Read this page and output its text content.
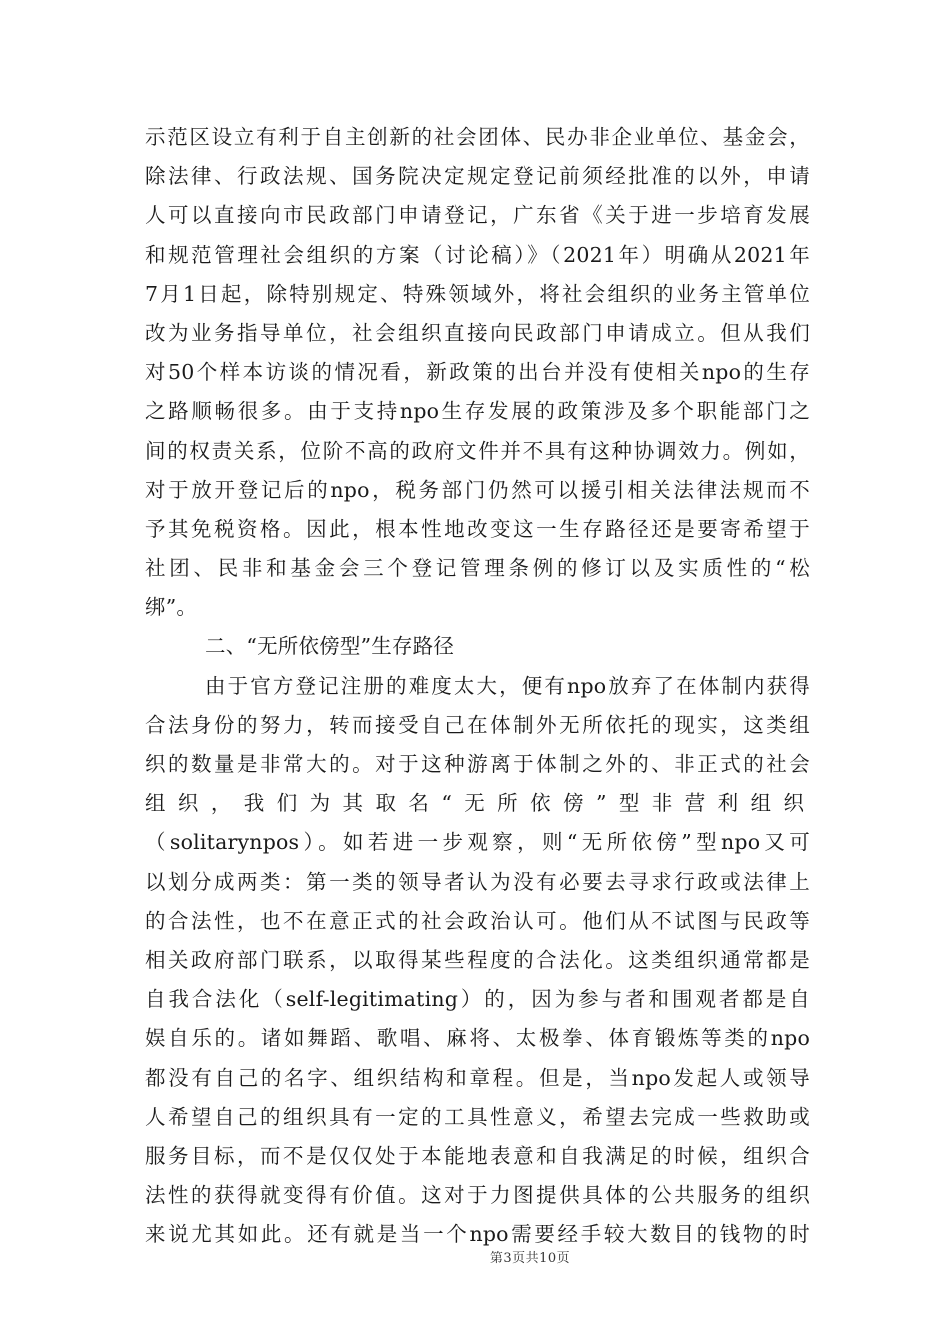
示范区设立有利于自主创新的社会团体、民办非企业单位、基金会，
除法律、行政法规、国务院决定规定登记前须经批准的以外，申请
人可以直接向市民政部门申请登记，广东省《关于进一步培育发展
和规范管理社会组织的方案（讨论稿）》（2021年）明确从2021年
7月1日起，除特别规定、特殊领域外，将社会组织的业务主管单位
改为业务指导单位，社会组织直接向民政部门申请成立。但从我们
对50个样本访谈的情况看，新政策的出台并没有使相关npo的生存
之路顺畅很多。由于支持npo生存发展的政策涉及多个职能部门之
间的权责关系，位阶不高的政府文件并不具有这种协调效力。例如，
对于放开登记后的npo，税务部门仍然可以援引相关法律法规而不
予其免税资格。因此，根本性地改变这一生存路径还是要寄希望于
社团、民非和基金会三个登记管理条例的修订以及实质性的“松
绑”。
二、“无所依傍型”生存路径
由于官方登记注册的难度太大，便有npo放弃了在体制内获得
合法身份的努力，转而接受自己在体制外无所依托的现实，这类组
织的数量是非常大的。对于这种游离于体制之外的、非正式的社会
组织，我们为其取名“无所依傍”型非营利组织
（solitarynpos）。如若进一步观察，则“无所依傍”型npo又可
以划分成两类：第一类的领导者认为没有必要去寻求行政或法律上
的合法性，也不在意正式的社会政治认可。他们从不试图与民政等
相关政府部门联系，以取得某些程度的合法化。这类组织通常都是
自我合法化（self-legitimating）的，因为参与者和围观者都是自
娱自乐的。诸如舞蹈、歌唱、麻将、太极拳、体育锻炼等类的npo
都没有自己的名字、组织结构和章程。但是，当npo发起人或领导
人希望自己的组织具有一定的工具性意义，希望去完成一些救助或
服务目标，而不是仅仅处于本能地表意和自我满足的时候，组织合
法性的获得就变得有价值。这对于力图提供具体的公共服务的组织
来说尤其如此。还有就是当一个npo需要经手较大数目的钱物的时
第3页共10页
